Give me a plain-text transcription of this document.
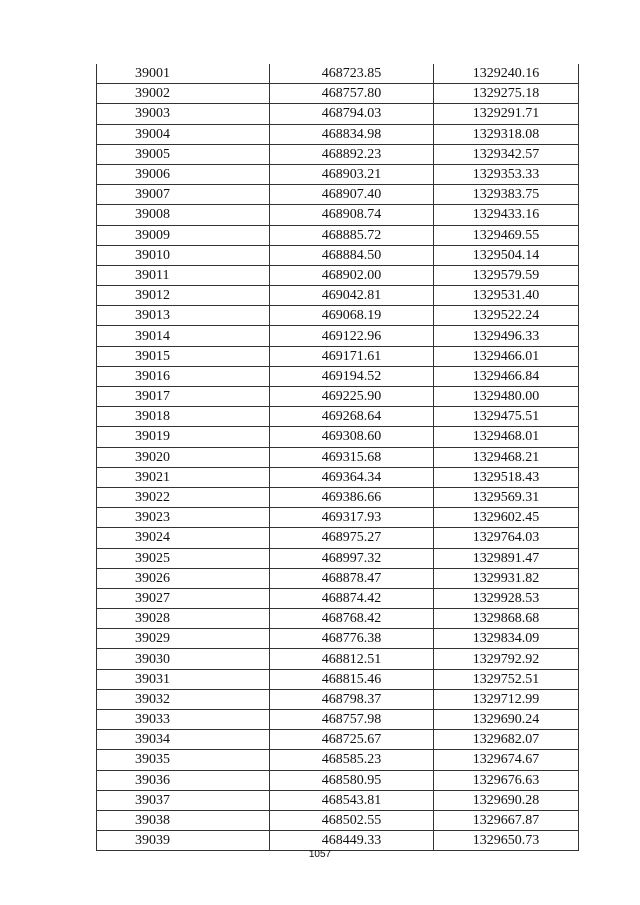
39001	468723.85	1329240.16
39002	468757.80	1329275.18
39003	468794.03	1329291.71
39004	468834.98	1329318.08
39005	468892.23	1329342.57
39006	468903.21	1329353.33
39007	468907.40	1329383.75
39008	468908.74	1329433.16
39009	468885.72	1329469.55
39010	468884.50	1329504.14
39011	468902.00	1329579.59
39012	469042.81	1329531.40
39013	469068.19	1329522.24
39014	469122.96	1329496.33
39015	469171.61	1329466.01
39016	469194.52	1329466.84
39017	469225.90	1329480.00
39018	469268.64	1329475.51
39019	469308.60	1329468.01
39020	469315.68	1329468.21
39021	469364.34	1329518.43
39022	469386.66	1329569.31
39023	469317.93	1329602.45
39024	468975.27	1329764.03
39025	468997.32	1329891.47
39026	468878.47	1329931.82
39027	468874.42	1329928.53
39028	468768.42	1329868.68
39029	468776.38	1329834.09
39030	468812.51	1329792.92
39031	468815.46	1329752.51
39032	468798.37	1329712.99
39033	468757.98	1329690.24
39034	468725.67	1329682.07
39035	468585.23	1329674.67
39036	468580.95	1329676.63
39037	468543.81	1329690.28
39038	468502.55	1329667.87
39039	468449.33	1329650.73
1057
